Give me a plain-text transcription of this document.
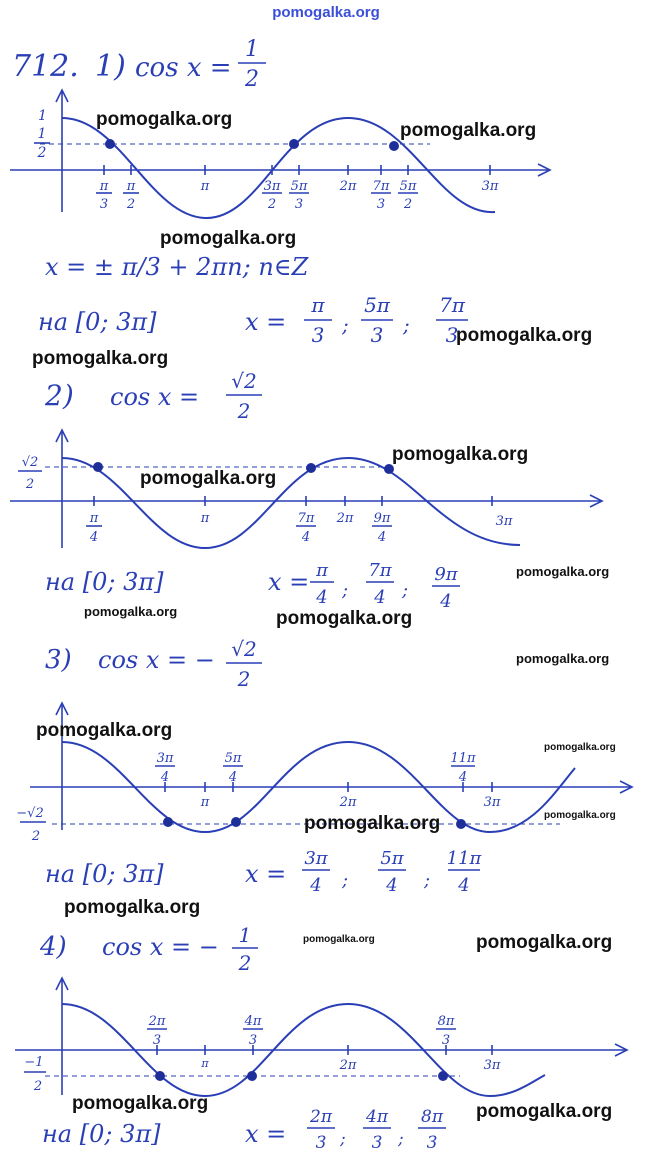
pomogalka.org
712. 1) cos x =
1
2
1
1
2
π
3
π
2
π	3π
2
5π
3
2π 7π
3
5π
2
3π
x = ± π/3 + 2πn; n∈Z
на [0; 3π]	x =
π
3 ;
5π
3 ;
7π
3
2) cos x =
√2
2
√2
2
π
4
π	7π
4
2π 9π
4
3π
на [0; 3π]	x = π
4 ;
7π
4 ;
9π
4
3) cos x = − √2
2
−√2
2
3π
4
5π
4
π	2π
11π
4
3π
на [0; 3π]	x =
3π
4 ;
5π
4 ;
11π
4
4) cos x = − 1
2
−1
2
2π
3
π
4π
3
2π
8π
3
3π
на [0; 3π]	x =
2π
3 ;
4π
3 ;
8π
3
pomogalka.org
pomogalka.org
pomogalka.org
pomogalka.org
pomogalka.org
pomogalka.org
pomogalka.org
pomogalka.org
pomogalka.org	pomogalka.org
pomogalka.org
pomogalka.org
pomogalka.org
pomogalka.org
pomogalka.org
pomogalka.org
pomogalka.org	pomogalka.org
pomogalka.org	pomogalka.org
